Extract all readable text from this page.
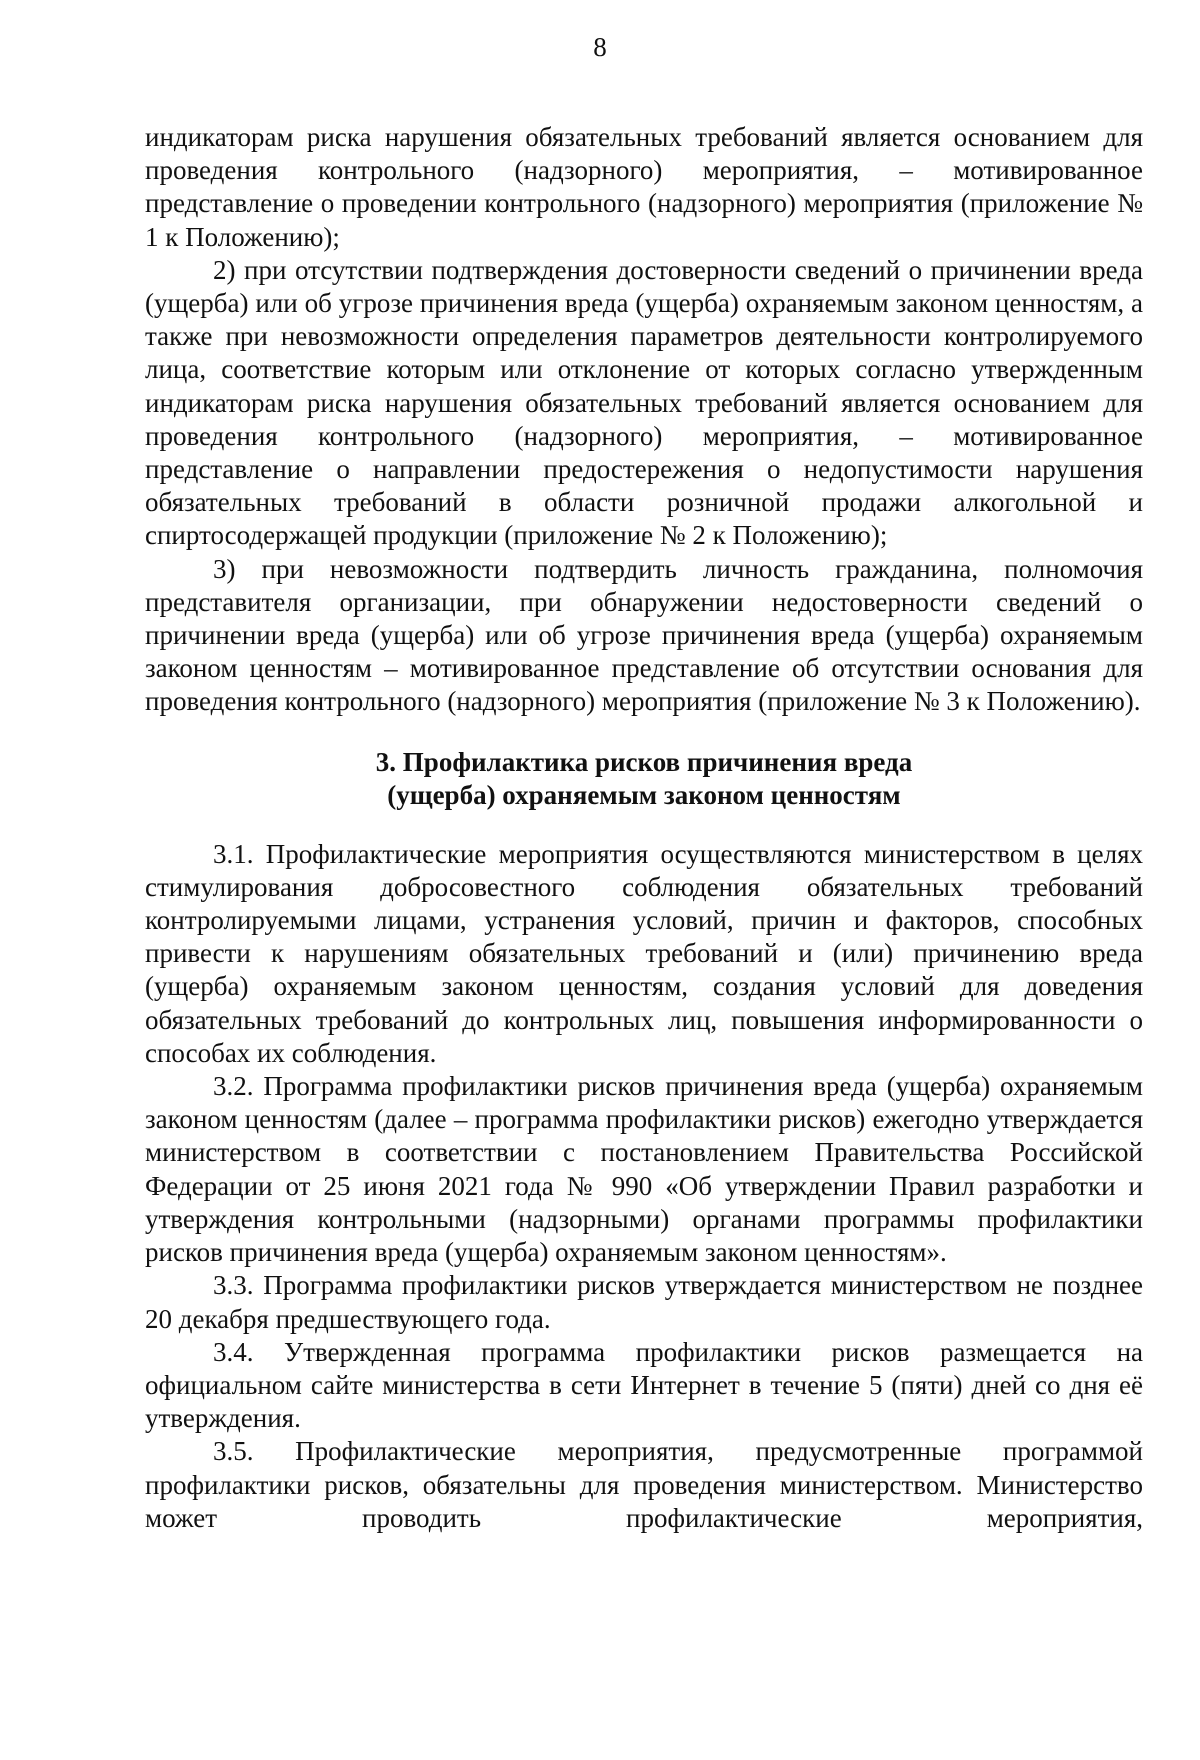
8

индикаторам риска нарушения обязательных требований является основанием для проведения контрольного (надзорного) мероприятия, – мотивированное представление о проведении контрольного (надзорного) мероприятия (приложение № 1 к Положению);

2) при отсутствии подтверждения достоверности сведений о причинении вреда (ущерба) или об угрозе причинения вреда (ущерба) охраняемым законом ценностям, а также при невозможности определения параметров деятельности контролируемого лица, соответствие которым или отклонение от которых согласно утвержденным индикаторам риска нарушения обязательных требований является основанием для проведения контрольного (надзорного) мероприятия, – мотивированное представление о направлении предостережения о недопустимости нарушения обязательных требований в области розничной продажи алкогольной и спиртосодержащей продукции (приложение № 2 к Положению);

3) при невозможности подтвердить личность гражданина, полномочия представителя организации, при обнаружении недостоверности сведений о причинении вреда (ущерба) или об угрозе причинения вреда (ущерба) охраняемым законом ценностям – мотивированное представление об отсутствии основания для проведения контрольного (надзорного) мероприятия (приложение № 3 к Положению).

3. Профилактика рисков причинения вреда
(ущерба) охраняемым законом ценностям

3.1. Профилактические мероприятия осуществляются министерством в целях стимулирования добросовестного соблюдения обязательных требований контролируемыми лицами, устранения условий, причин и факторов, способных привести к нарушениям обязательных требований и (или) причинению вреда (ущерба) охраняемым законом ценностям, создания условий для доведения обязательных требований до контрольных лиц, повышения информированности о способах их соблюдения.

3.2. Программа профилактики рисков причинения вреда (ущерба) охраняемым законом ценностям (далее – программа профилактики рисков) ежегодно утверждается министерством в соответствии с постановлением Правительства Российской Федерации от 25 июня 2021 года № 990 «Об утверждении Правил разработки и утверждения контрольными (надзорными) органами программы профилактики рисков причинения вреда (ущерба) охраняемым законом ценностям».

3.3. Программа профилактики рисков утверждается министерством не позднее 20 декабря предшествующего года.

3.4. Утвержденная программа профилактики рисков размещается на официальном сайте министерства в сети Интернет в течение 5 (пяти) дней со дня её утверждения.

3.5. Профилактические мероприятия, предусмотренные программой профилактики рисков, обязательны для проведения министерством. Министерство может проводить профилактические мероприятия,
